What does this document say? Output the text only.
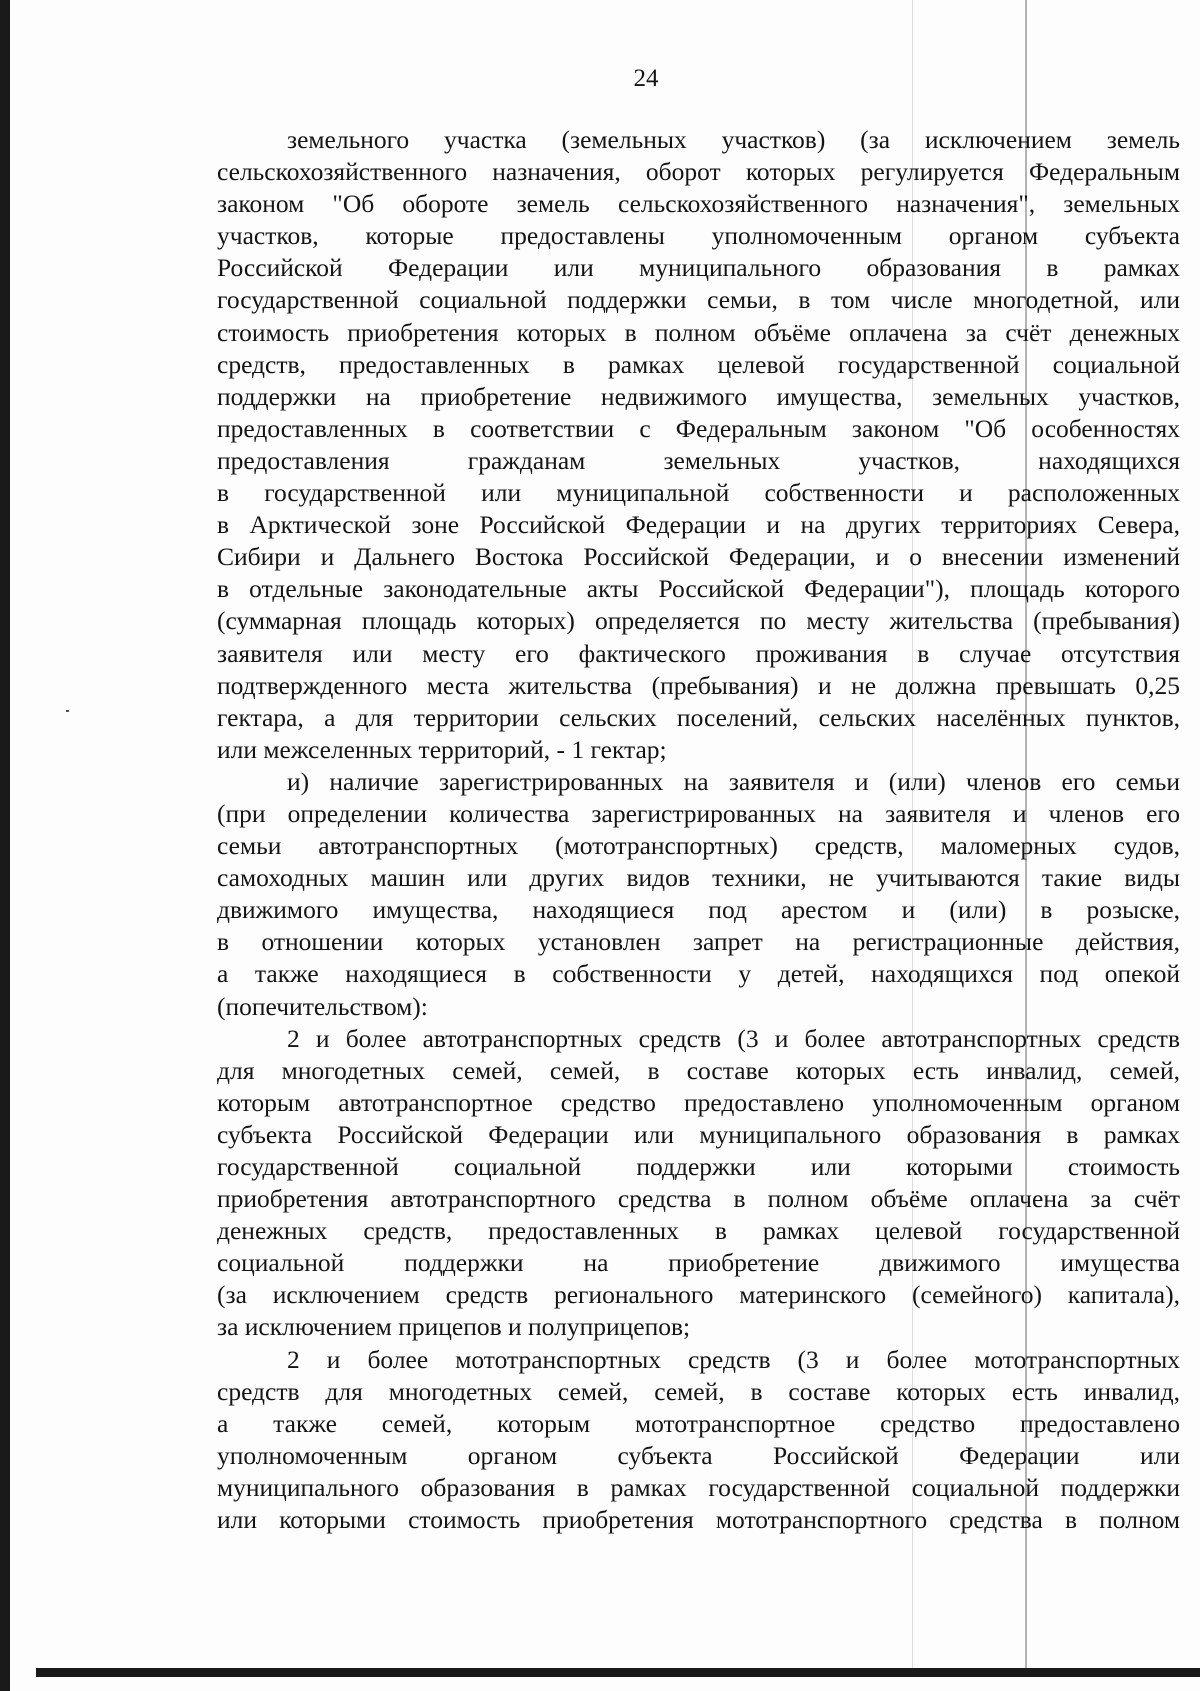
24
земельного участка (земельных участков) (за исключением земель
сельскохозяйственного назначения, оборот которых регулируется Федеральным
законом "Об обороте земель сельскохозяйственного назначения", земельных
участков, которые предоставлены уполномоченным органом субъекта
Российской Федерации или муниципального образования в рамках
государственной социальной поддержки семьи, в том числе многодетной, или
стоимость приобретения которых в полном объёме оплачена за счёт денежных
средств, предоставленных в рамках целевой государственной социальной
поддержки на приобретение недвижимого имущества, земельных участков,
предоставленных в соответствии с Федеральным законом "Об особенностях
предоставления гражданам земельных участков, находящихся
в государственной или муниципальной собственности и расположенных
в Арктической зоне Российской Федерации и на других территориях Севера,
Сибири и Дальнего Востока Российской Федерации, и о внесении изменений
в отдельные законодательные акты Российской Федерации"), площадь которого
(суммарная площадь которых) определяется по месту жительства (пребывания)
заявителя или месту его фактического проживания в случае отсутствия
подтвержденного места жительства (пребывания) и не должна превышать 0,25
гектара, а для территории сельских поселений, сельских населённых пунктов,
или межселенных территорий, - 1 гектар;
и) наличие зарегистрированных на заявителя и (или) членов его семьи
(при определении количества зарегистрированных на заявителя и членов его
семьи автотранспортных (мототранспортных) средств, маломерных судов,
самоходных машин или других видов техники, не учитываются такие виды
движимого имущества, находящиеся под арестом и (или) в розыске,
в отношении которых установлен запрет на регистрационные действия,
а также находящиеся в собственности у детей, находящихся под опекой
(попечительством):
2 и более автотранспортных средств (3 и более автотранспортных средств
для многодетных семей, семей, в составе которых есть инвалид, семей,
которым автотранспортное средство предоставлено уполномоченным органом
субъекта Российской Федерации или муниципального образования в рамках
государственной социальной поддержки или которыми стоимость
приобретения автотранспортного средства в полном объёме оплачена за счёт
денежных средств, предоставленных в рамках целевой государственной
социальной поддержки на приобретение движимого имущества
(за исключением средств регионального материнского (семейного) капитала),
за исключением прицепов и полуприцепов;
2 и более мототранспортных средств (3 и более мототранспортных
средств для многодетных семей, семей, в составе которых есть инвалид,
а также семей, которым мототранспортное средство предоставлено
уполномоченным органом субъекта Российской Федерации или
муниципального образования в рамках государственной социальной поддержки
или которыми стоимость приобретения мототранспортного средства в полном
